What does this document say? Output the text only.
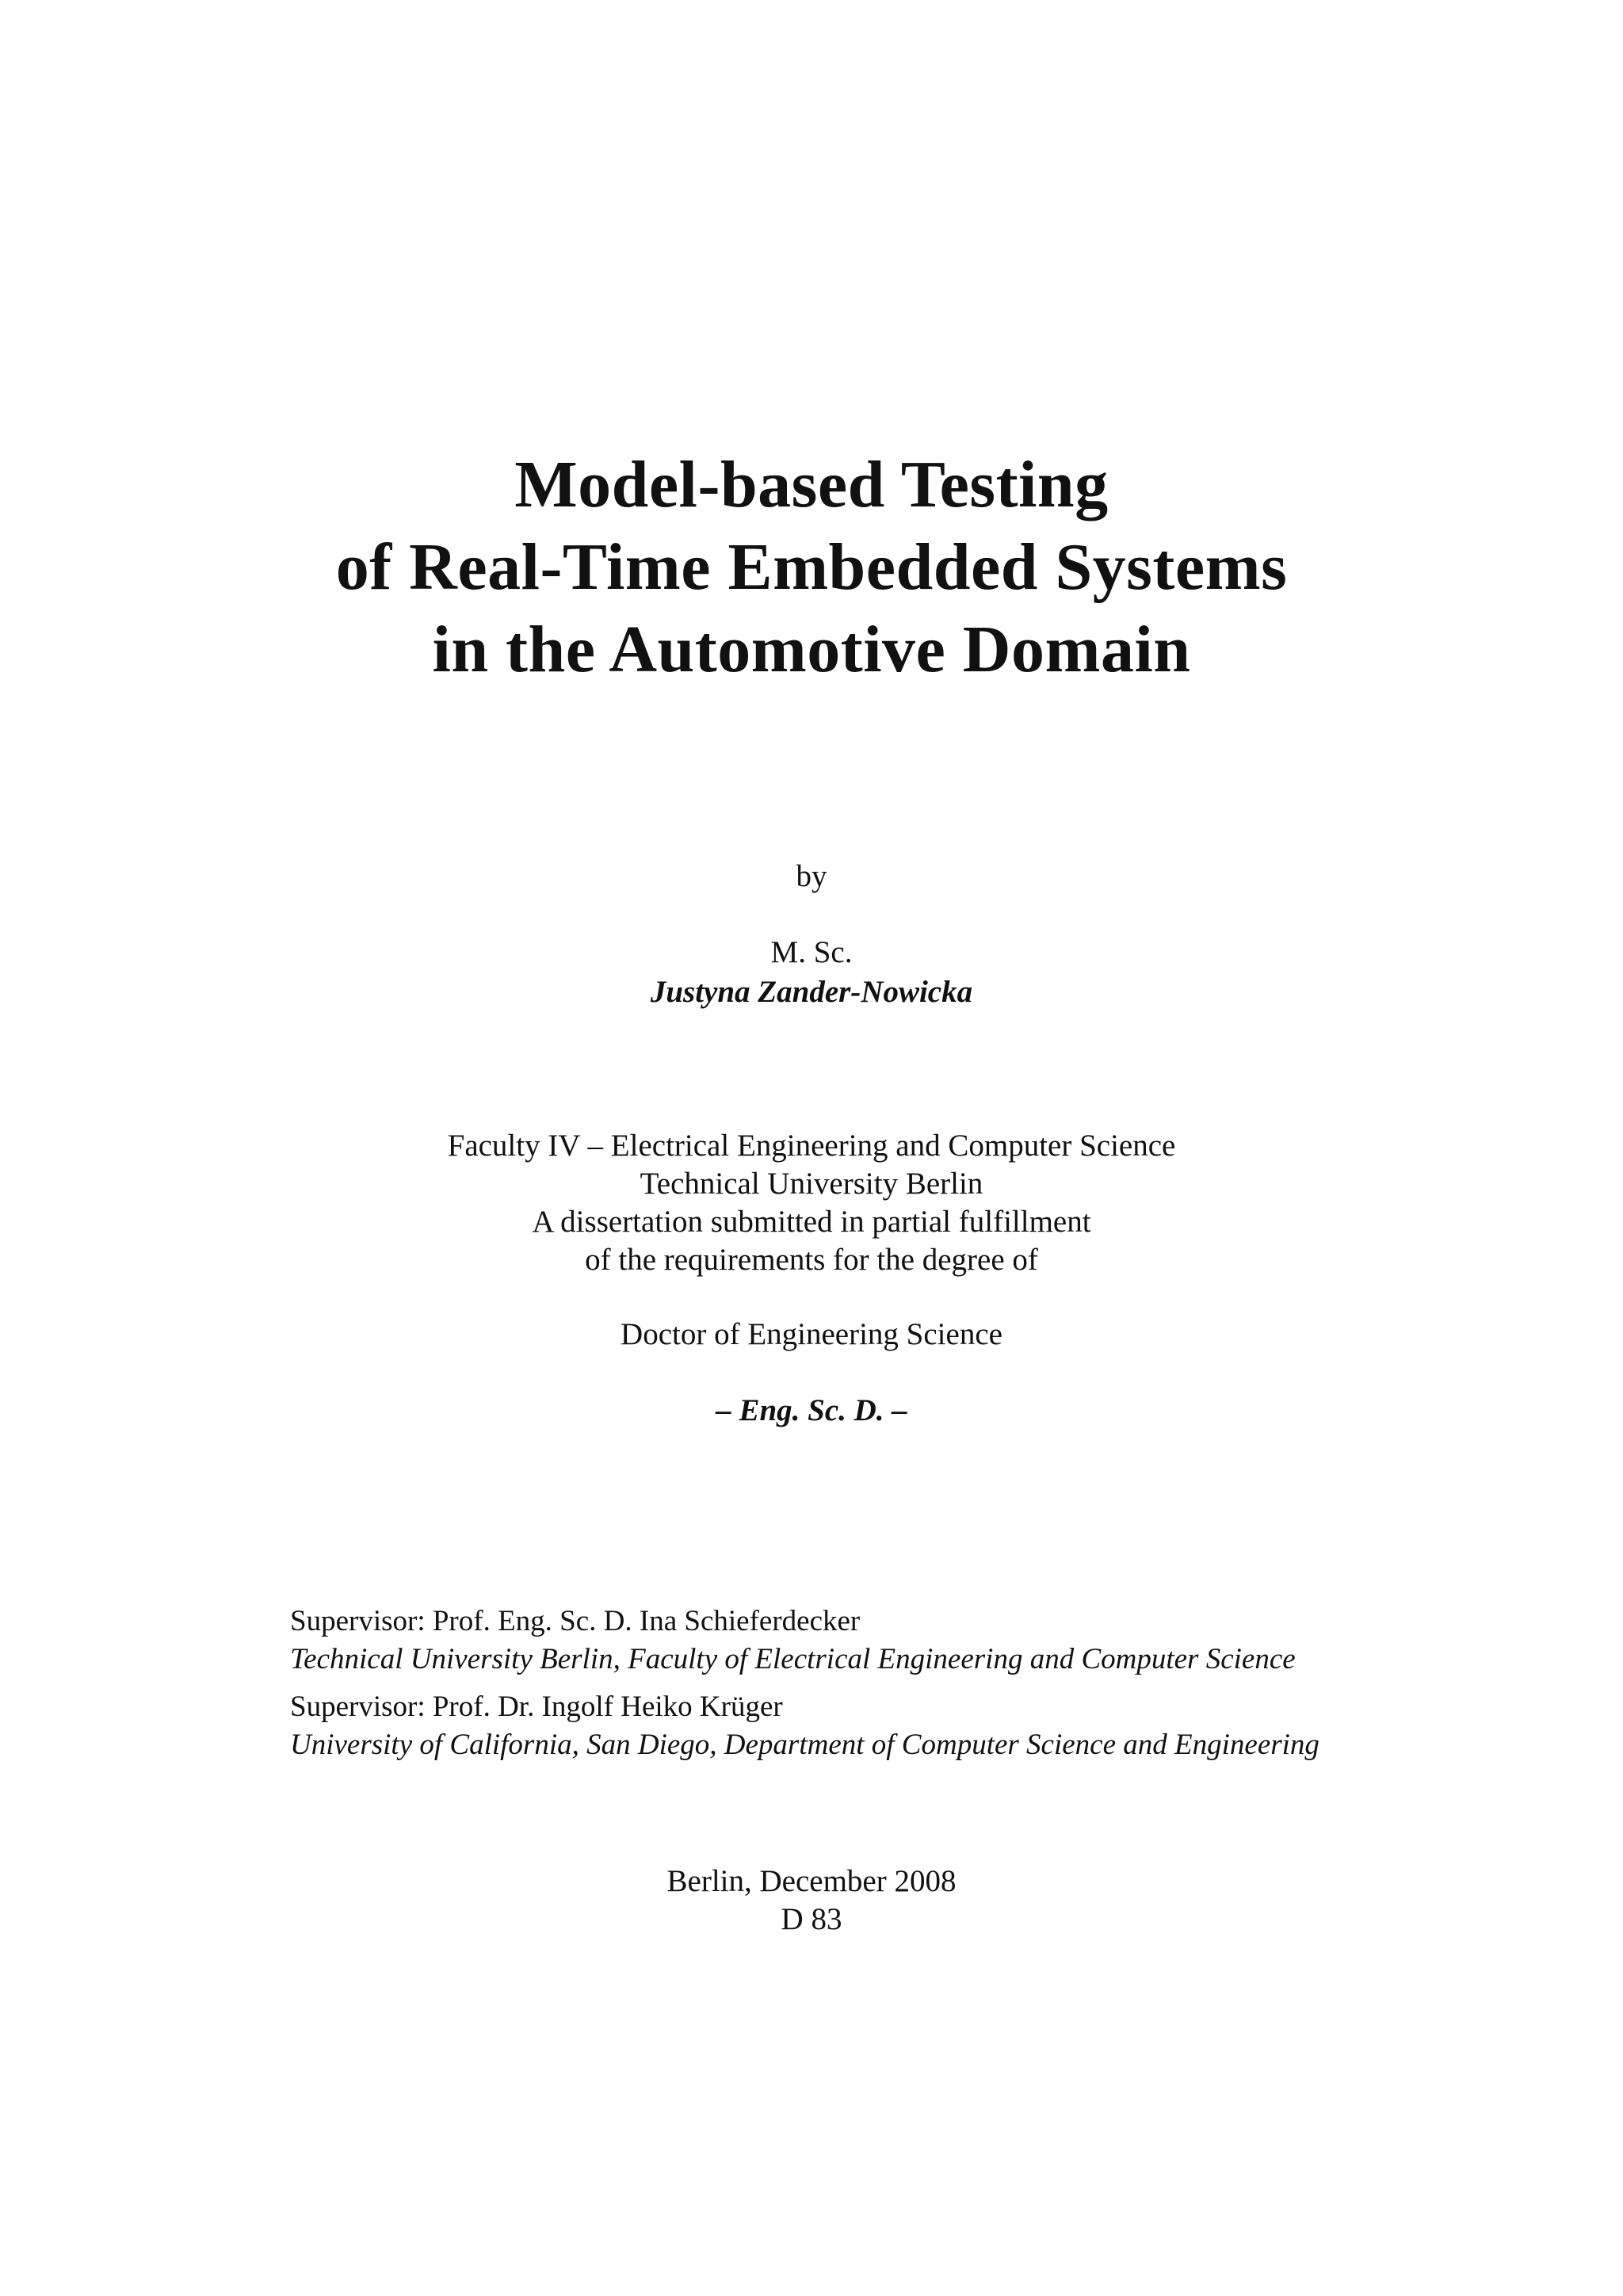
Model-based Testing
of Real-Time Embedded Systems
in the Automotive Domain
by
M. Sc.
Justyna Zander-Nowicka
Faculty IV – Electrical Engineering and Computer Science
Technical University Berlin
A dissertation submitted in partial fulfillment
of the requirements for the degree of
Doctor of Engineering Science
– Eng. Sc. D. –
Supervisor: Prof. Eng. Sc. D. Ina Schieferdecker
Technical University Berlin, Faculty of Electrical Engineering and Computer Science
Supervisor: Prof. Dr. Ingolf Heiko Krüger
University of California, San Diego, Department of Computer Science and Engineering
Berlin, December 2008
D 83
